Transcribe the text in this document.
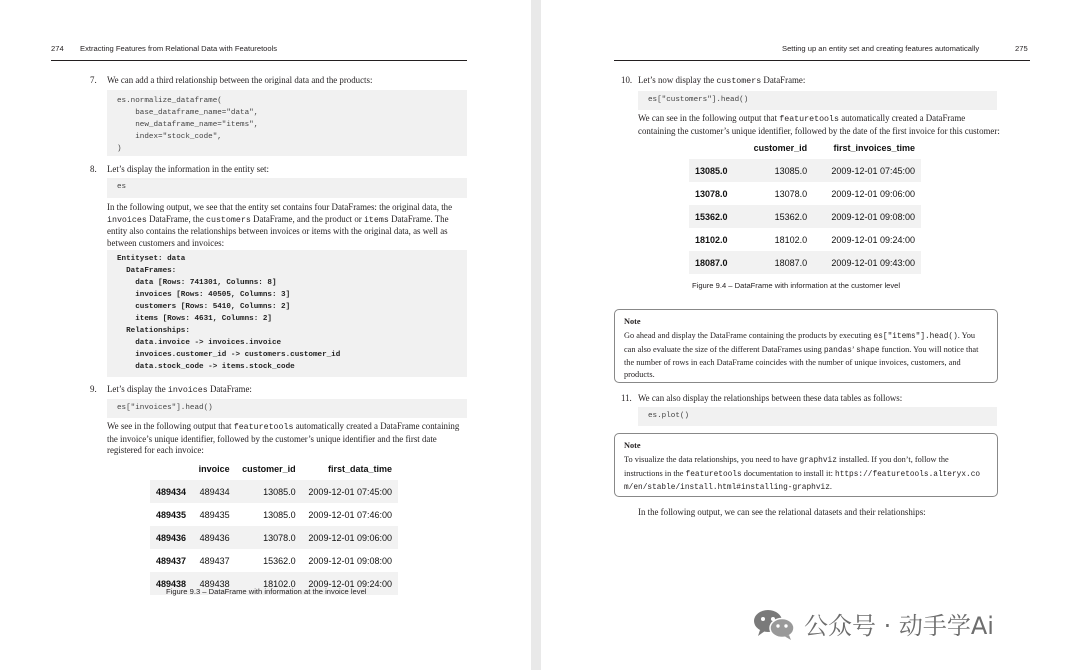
274 Extracting Features from Relational Data with Featuretools
7. We can add a third relationship between the original data and the products:
es.normalize_dataframe(
base_dataframe_name="data",
new_dataframe_name="items",
index="stock_code",
)
8. Let’s display the information in the entity set:
es
In the following output, we see that the entity set contains four DataFrames: the original data, the invoices DataFrame, the customers DataFrame, and the product or items DataFrame. The entity also contains the relationships between invoices or items with the original data, as well as between customers and invoices:
Entityset: data
DataFrames:
data [Rows: 741301, Columns: 8]
invoices [Rows: 40505, Columns: 3]
customers [Rows: 5410, Columns: 2]
items [Rows: 4631, Columns: 2]
Relationships:
data.invoice -> invoices.invoice
invoices.customer_id -> customers.customer_id
data.stock_code -> items.stock_code
9. Let’s display the invoices DataFrame:
es["invoices"].head()
We see in the following output that featuretools automatically created a DataFrame containing the invoice’s unique identifier, followed by the customer’s unique identifier and the first date registered for each invoice:
	invoice	customer_id	first_data_time
489434	489434	13085.0	2009-12-01 07:45:00
489435	489435	13085.0	2009-12-01 07:46:00
489436	489436	13078.0	2009-12-01 09:06:00
489437	489437	15362.0	2009-12-01 09:08:00
489438	489438	18102.0	2009-12-01 09:24:00
Figure 9.3 – DataFrame with information at the invoice level
Setting up an entity set and creating features automatically	275
10. Let’s now display the customers DataFrame:
es["customers"].head()
We can see in the following output that featuretools automatically created a DataFrame containing the customer’s unique identifier, followed by the date of the first invoice for this customer:
	customer_id	first_invoices_time
13085.0	13085.0	2009-12-01 07:45:00
13078.0	13078.0	2009-12-01 09:06:00
15362.0	15362.0	2009-12-01 09:08:00
18102.0	18102.0	2009-12-01 09:24:00
18087.0	18087.0	2009-12-01 09:43:00
Figure 9.4 – DataFrame with information at the customer level
Note
Go ahead and display the DataFrame containing the products by executing es["items"].head(). You can also evaluate the size of the different DataFrames using pandas’ shape function. You will notice that the number of rows in each DataFrame coincides with the number of unique invoices, customers, and products.
11. We can also display the relationships between these data tables as follows:
es.plot()
Note
To visualize the data relationships, you need to have graphviz installed. If you don’t, follow the instructions in the featuretools documentation to install it: https://featuretools.alteryx.com/en/stable/install.html#installing-graphviz.
In the following output, we can see the relational datasets and their relationships:
公众号 · 动手学Ai
